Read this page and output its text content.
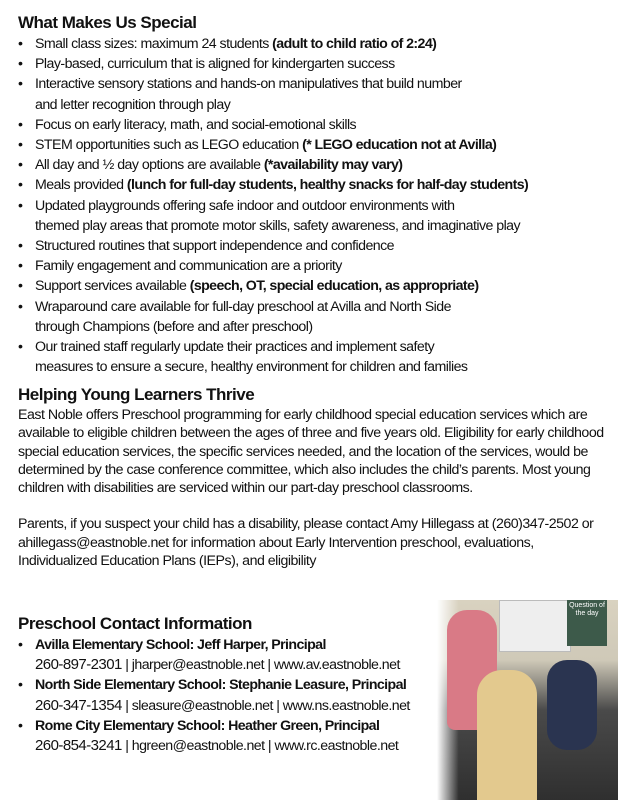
What Makes Us Special
• Small class sizes: maximum 24 students (adult to child ratio of 2:24)
• Play-based, curriculum that is aligned for kindergarten success
• Interactive sensory stations and hands-on manipulatives that build number
and letter recognition through play
• Focus on early literacy, math, and social-emotional skills
• STEM opportunities such as LEGO education (* LEGO education not at Avilla)
• All day and ½ day options are available (*availability may vary)
• Meals provided (lunch for full-day students, healthy snacks for half-day students)
• Updated playgrounds offering safe indoor and outdoor environments with
themed play areas that promote motor skills, safety awareness, and imaginative play
• Structured routines that support independence and confidence
• Family engagement and communication are a priority
• Support services available (speech, OT, special education, as appropriate)
• Wraparound care available for full-day preschool at Avilla and North Side
through Champions (before and after preschool)
• Our trained staff regularly update their practices and implement safety
measures to ensure a secure, healthy environment for children and families
Helping Young Learners Thrive

East Noble offers Preschool programming for early childhood special education services which are available to eligible children between the ages of three and five years old. Eligibility for early childhood special education services, the specific services needed, and the location of the services, would be determined by the case conference committee, which also includes the child’s parents. Most young children with disabilities are serviced within our part-day preschool classrooms.

Parents, if you suspect your child has a disability, please contact Amy Hillegass at (260)347-2502 or ahillegass@eastnoble.net for information about Early Intervention preschool, evaluations, Individualized Education Plans (IEPs), and eligibility

Question of the day
Preschool Contact Information
• Avilla Elementary School: Jeff Harper, Principal
260-897-2301 | jharper@eastnoble.net | www.av.eastnoble.net
• North Side Elementary School: Stephanie Leasure, Principal
260-347-1354 | sleasure@eastnoble.net | www.ns.eastnoble.net
• Rome City Elementary School: Heather Green, Principal
260-854-3241 | hgreen@eastnoble.net | www.rc.eastnoble.net
